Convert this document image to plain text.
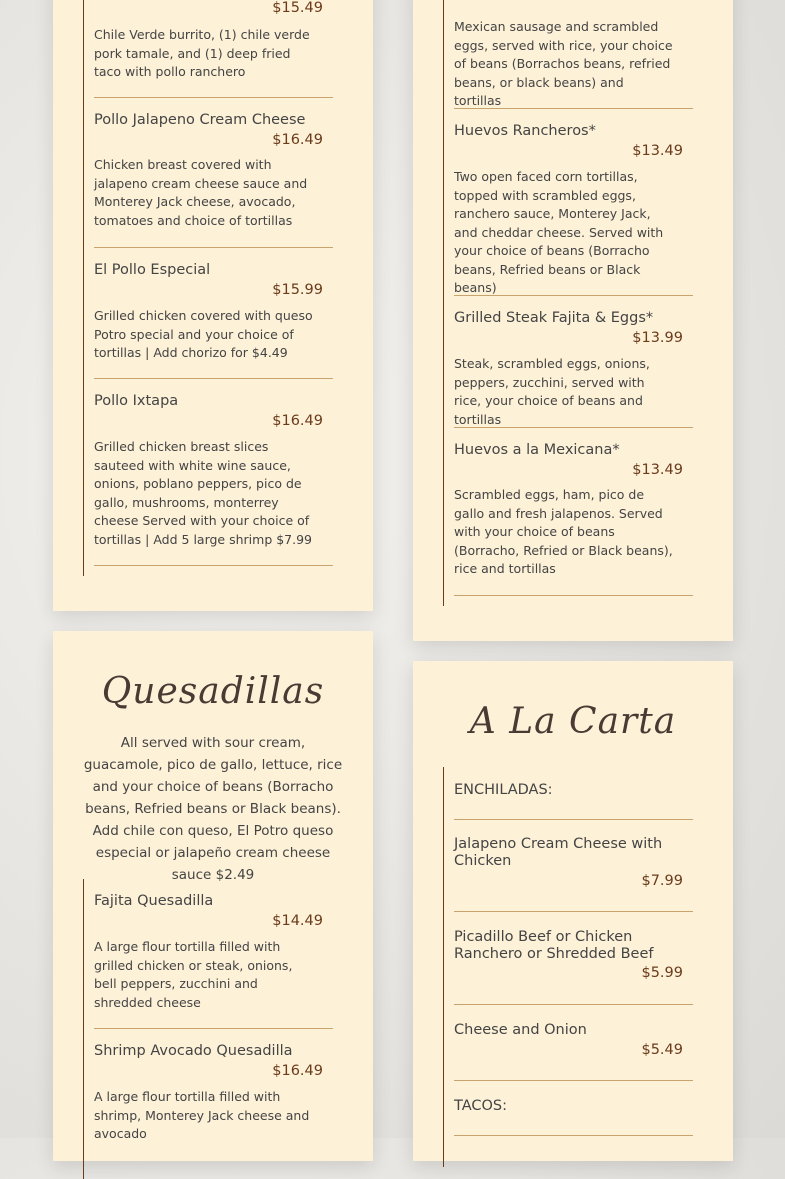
$15.49
Chile Verde burrito, (1) chile verde pork tamale, and (1) deep fried taco with pollo ranchero
Pollo Jalapeno Cream Cheese
$16.49
Chicken breast covered with jalapeno cream cheese sauce and Monterey Jack cheese, avocado, tomatoes and choice of tortillas
El Pollo Especial
$15.99
Grilled chicken covered with queso Potro special and your choice of tortillas | Add chorizo for $4.49
Pollo Ixtapa
$16.49
Grilled chicken breast slices sauteed with white wine sauce, onions, poblano peppers, pico de gallo, mushrooms, monterrey cheese Served with your choice of tortillas | Add 5 large shrimp $7.99
Mexican sausage and scrambled eggs, served with rice, your choice of beans (Borrachos beans, refried beans, or black beans) and tortillas
Huevos Rancheros*
$13.49
Two open faced corn tortillas, topped with scrambled eggs, ranchero sauce, Monterey Jack, and cheddar cheese. Served with your choice of beans (Borracho beans, Refried beans or Black beans)
Grilled Steak Fajita & Eggs*
$13.99
Steak, scrambled eggs, onions, peppers, zucchini, served with rice, your choice of beans and tortillas
Huevos a la Mexicana*
$13.49
Scrambled eggs, ham, pico de gallo and fresh jalapenos. Served with your choice of beans (Borracho, Refried or Black beans), rice and tortillas
Quesadillas
All served with sour cream, guacamole, pico de gallo, lettuce, rice and your choice of beans (Borracho beans, Refried beans or Black beans). Add chile con queso, El Potro queso especial or jalapeño cream cheese sauce $2.49
Fajita Quesadilla
$14.49
A large flour tortilla filled with grilled chicken or steak, onions, bell peppers, zucchini and shredded cheese
Shrimp Avocado Quesadilla
$16.49
A large flour tortilla filled with shrimp, Monterey Jack cheese and avocado
A La Carta
ENCHILADAS:
Jalapeno Cream Cheese with Chicken
$7.99
Picadillo Beef or Chicken Ranchero or Shredded Beef
$5.99
Cheese and Onion
$5.49
TACOS:
